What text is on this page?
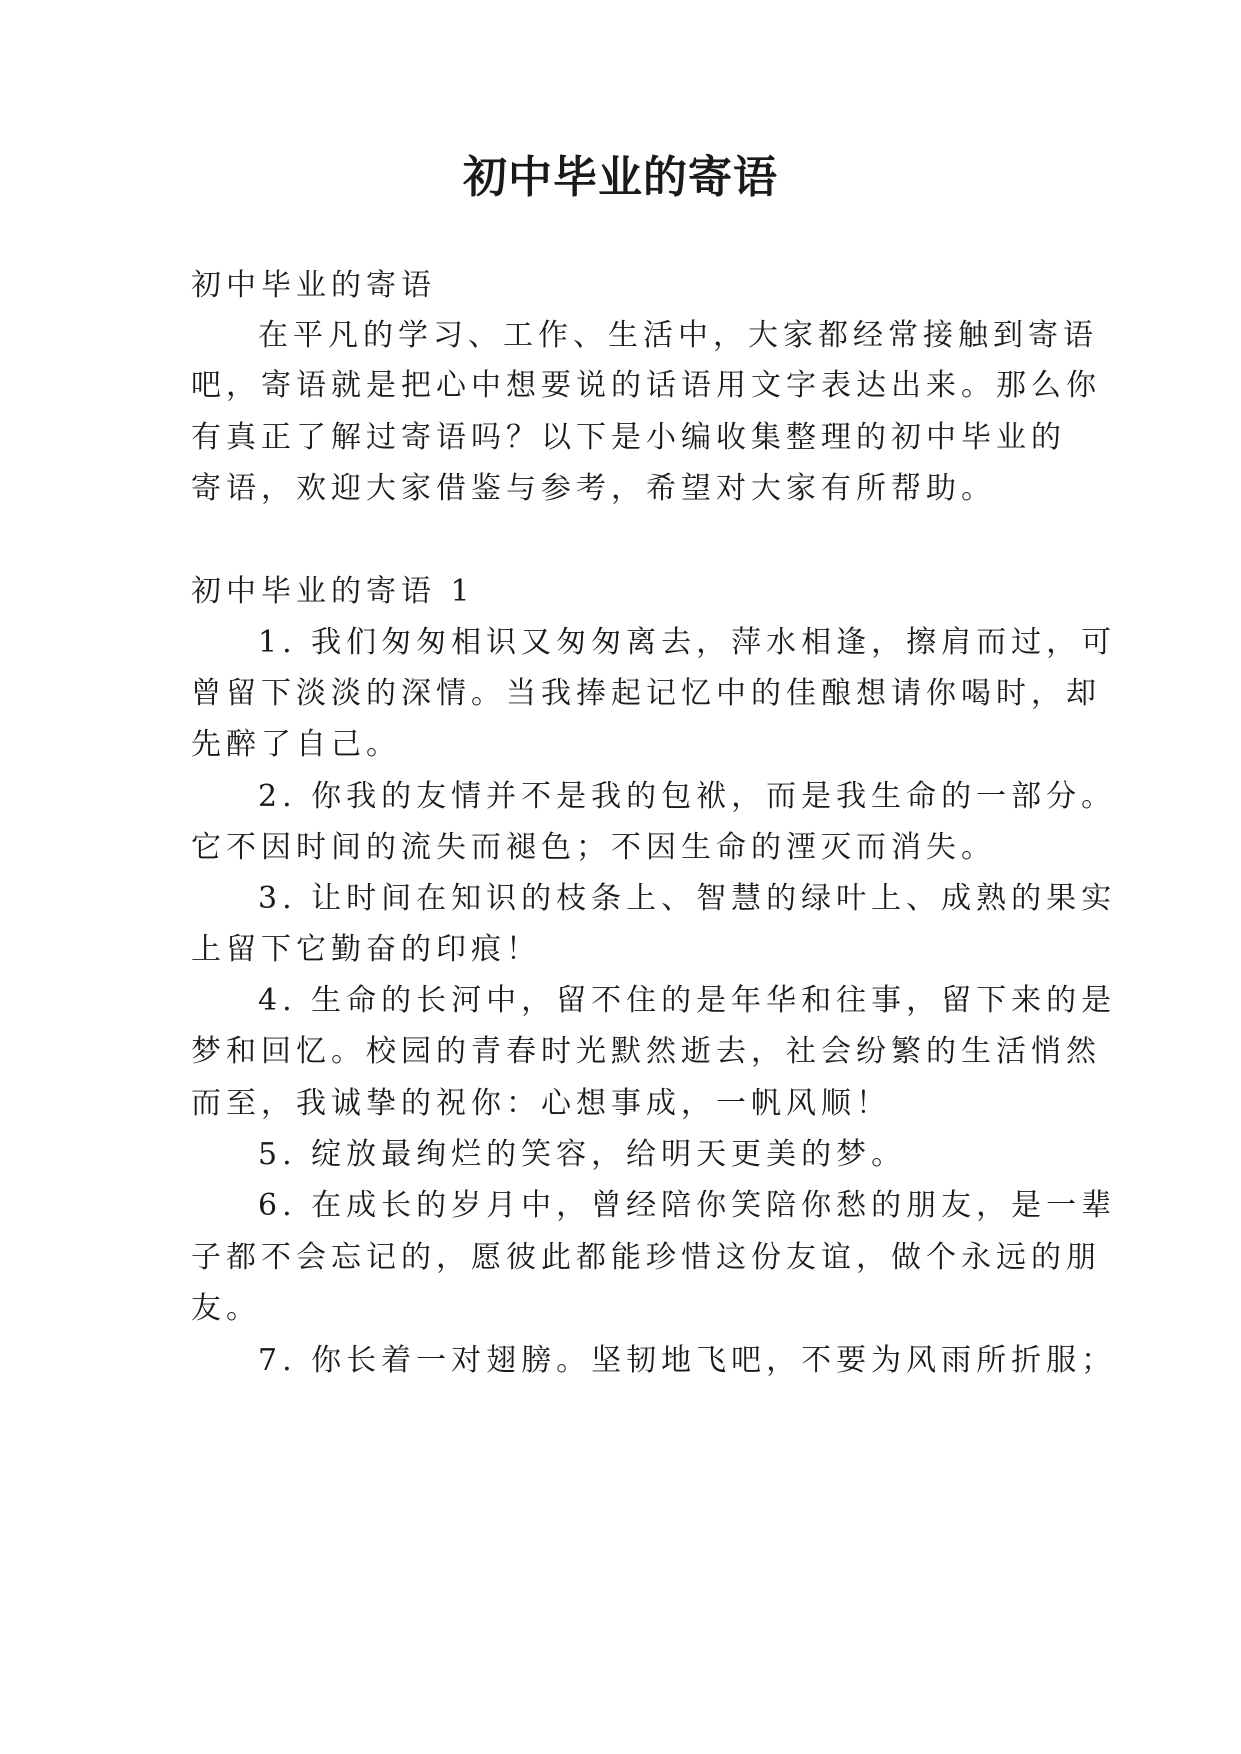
初中毕业的寄语
初中毕业的寄语
在平凡的学习、工作、生活中，大家都经常接触到寄语
吧，寄语就是把心中想要说的话语用文字表达出来。那么你
有真正了解过寄语吗？以下是小编收集整理的初中毕业的
寄语，欢迎大家借鉴与参考，希望对大家有所帮助。
初中毕业的寄语 1
1. 我们匆匆相识又匆匆离去，萍水相逢，擦肩而过，可
曾留下淡淡的深情。当我捧起记忆中的佳酿想请你喝时，却
先醉了自己。
2. 你我的友情并不是我的包袱，而是我生命的一部分。
它不因时间的流失而褪色；不因生命的湮灭而消失。
3. 让时间在知识的枝条上、智慧的绿叶上、成熟的果实
上留下它勤奋的印痕！
4. 生命的长河中，留不住的是年华和往事，留下来的是
梦和回忆。校园的青春时光默然逝去，社会纷繁的生活悄然
而至，我诚挚的祝你：心想事成，一帆风顺！
5. 绽放最绚烂的笑容，给明天更美的梦。
6. 在成长的岁月中，曾经陪你笑陪你愁的朋友，是一辈
子都不会忘记的，愿彼此都能珍惜这份友谊，做个永远的朋
友。
7. 你长着一对翅膀。坚韧地飞吧，不要为风雨所折服；
